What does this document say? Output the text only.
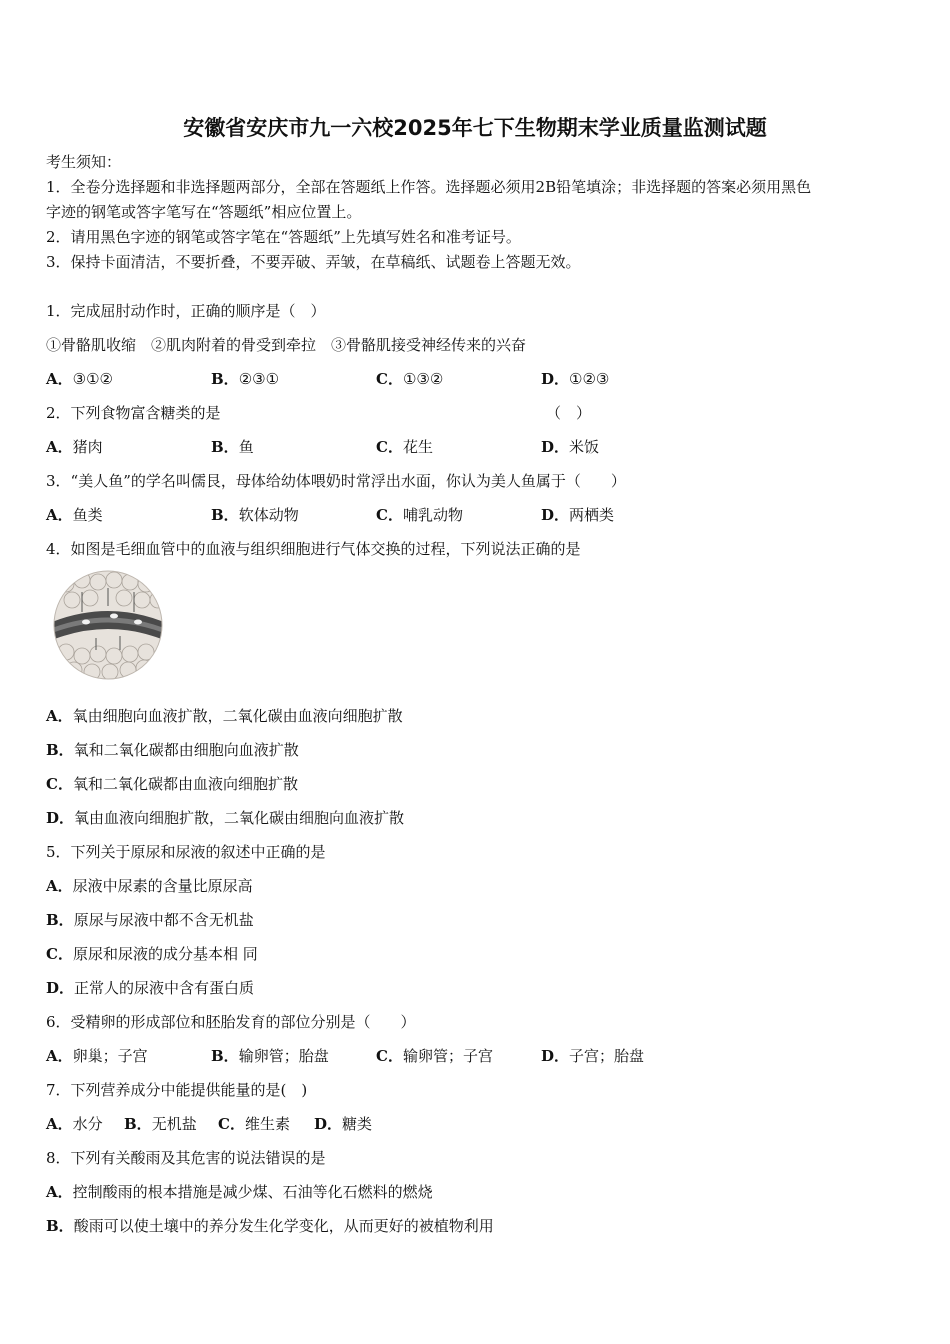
安徽省安庆市九一六校2025年七下生物期末学业质量监测试题
考生须知：
1．全卷分选择题和非选择题两部分，全部在答题纸上作答。选择题必须用2B铅笔填涂；非选择题的答案必须用黑色
字迹的钢笔或答字笔写在“答题纸”相应位置上。
2．请用黑色字迹的钢笔或答字笔在“答题纸”上先填写姓名和准考证号。
3．保持卡面清洁，不要折叠，不要弄破、弄皱，在草稿纸、试题卷上答题无效。
1．完成屈肘动作时，正确的顺序是（　）
①骨骼肌收缩　②肌肉附着的骨受到牵拉　③骨骼肌接受神经传来的兴奋
A．③①②	B．②③①	C．①③②	D．①②③
2．下列食物富含糖类的是	（　）
A．猪肉	B．鱼	C．花生	D．米饭
3．“美人鱼”的学名叫儒艮，母体给幼体喂奶时常浮出水面，你认为美人鱼属于（　　）
A．鱼类	B．软体动物	C．哺乳动物	D．两栖类
4．如图是毛细血管中的血液与组织细胞进行气体交换的过程，下列说法正确的是
A．氧由细胞向血液扩散，二氧化碳由血液向细胞扩散
B．氧和二氧化碳都由细胞向血液扩散
C．氧和二氧化碳都由血液向细胞扩散
D．氧由血液向细胞扩散，二氧化碳由细胞向血液扩散
5．下列关于原尿和尿液的叙述中正确的是
A．尿液中尿素的含量比原尿高
B．原尿与尿液中都不含无机盐
C．原尿和尿液的成分基本相 同
D．正常人的尿液中含有蛋白质
6．受精卵的形成部位和胚胎发育的部位分别是（　　）
A．卵巢；子宫	B．输卵管；胎盘	C．输卵管；子宫	D．子宫；胎盘
7．下列营养成分中能提供能量的是(　)
A．水分 B．无机盐 C．维生素 D．糖类
8．下列有关酸雨及其危害的说法错误的是
A．控制酸雨的根本措施是减少煤、石油等化石燃料的燃烧
B．酸雨可以使土壤中的养分发生化学变化，从而更好的被植物利用
